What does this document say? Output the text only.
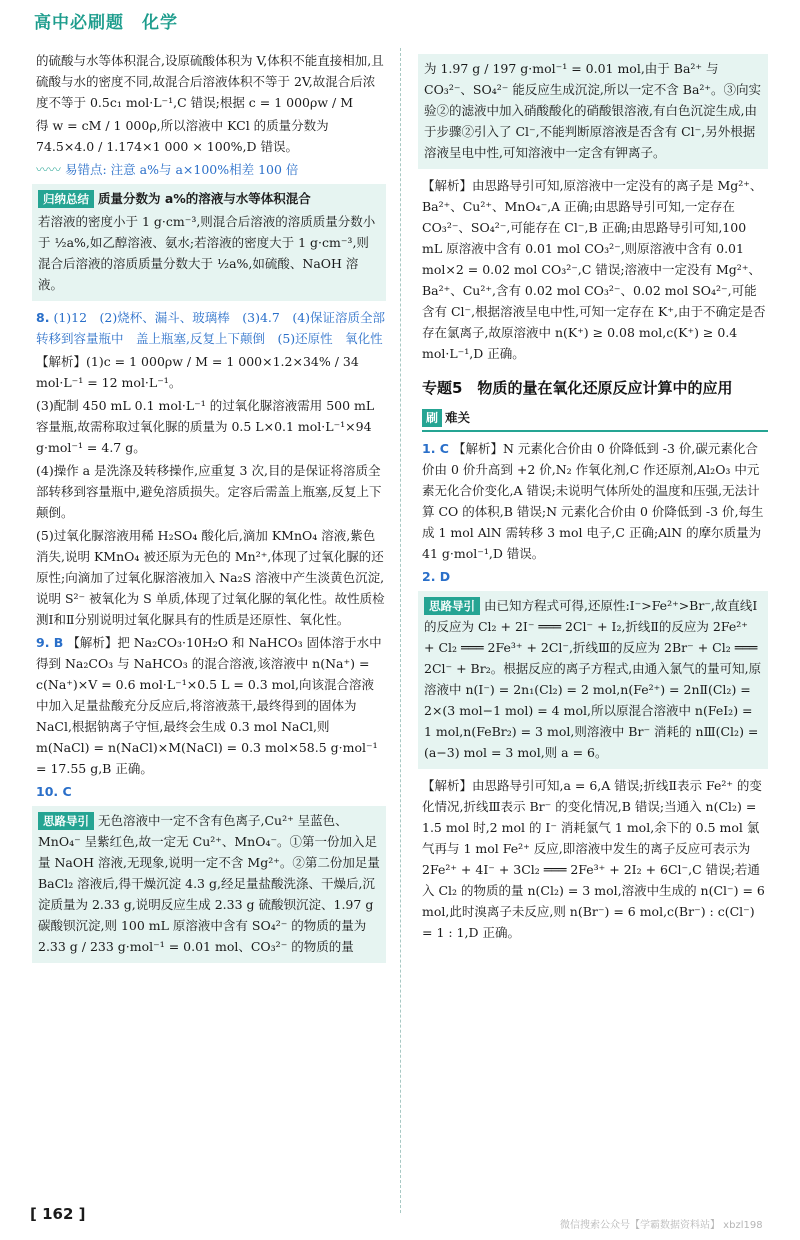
高中必刷题　化学

的硫酸与水等体积混合,设原硫酸体积为 V,体积不能直接相加,且硫酸与水的密度不同,故混合后溶液体积不等于 2V,故混合后浓度不等于 0.5c₁ mol·L⁻¹,C 错误;根据 c = 1 000ρw / M

得 w = cM / 1 000ρ,所以溶液中 KCl 的质量分数为 74.5×4.0 / 1.174×1 000 × 100%,D 错误。

〰〰 易错点: 注意 a%与 a×100%相差 100 倍

归纳总结 质量分数为 a%的溶液与水等体积混合

若溶液的密度小于 1 g·cm⁻³,则混合后溶液的溶质质量分数小于 ½a%,如乙醇溶液、氨水;若溶液的密度大于 1 g·cm⁻³,则混合后溶液的溶质质量分数大于 ½a%,如硫酸、NaOH 溶液。

8. (1)12　(2)烧杯、漏斗、玻璃棒　(3)4.7　(4)保证溶质全部转移到容量瓶中　盖上瓶塞,反复上下颠倒　(5)还原性　氧化性

【解析】(1)c = 1 000ρw / M = 1 000×1.2×34% / 34 mol·L⁻¹ = 12 mol·L⁻¹。

(3)配制 450 mL 0.1 mol·L⁻¹ 的过氧化脲溶液需用 500 mL 容量瓶,故需称取过氧化脲的质量为 0.5 L×0.1 mol·L⁻¹×94 g·mol⁻¹ = 4.7 g。

(4)操作 a 是洗涤及转移操作,应重复 3 次,目的是保证将溶质全部转移到容量瓶中,避免溶质损失。定容后需盖上瓶塞,反复上下颠倒。

(5)过氧化脲溶液用稀 H₂SO₄ 酸化后,滴加 KMnO₄ 溶液,紫色消失,说明 KMnO₄ 被还原为无色的 Mn²⁺,体现了过氧化脲的还原性;向滴加了过氧化脲溶液加入 Na₂S 溶液中产生淡黄色沉淀,说明 S²⁻ 被氧化为 S 单质,体现了过氧化脲的氧化性。故性质检测Ⅰ和Ⅱ分别说明过氧化脲具有的性质是还原性、氧化性。

9. B 【解析】把 Na₂CO₃·10H₂O 和 NaHCO₃ 固体溶于水中得到 Na₂CO₃ 与 NaHCO₃ 的混合溶液,该溶液中 n(Na⁺) = c(Na⁺)×V = 0.6 mol·L⁻¹×0.5 L = 0.3 mol,向该混合溶液中加入足量盐酸充分反应后,将溶液蒸干,最终得到的固体为 NaCl,根据钠离子守恒,最终会生成 0.3 mol NaCl,则 m(NaCl) = n(NaCl)×M(NaCl) = 0.3 mol×58.5 g·mol⁻¹ = 17.55 g,B 正确。

10. C

思路导引 无色溶液中一定不含有色离子,Cu²⁺ 呈蓝色、MnO₄⁻ 呈紫红色,故一定无 Cu²⁺、MnO₄⁻。①第一份加入足量 NaOH 溶液,无现象,说明一定不含 Mg²⁺。②第二份加足量 BaCl₂ 溶液后,得干燥沉淀 4.3 g,经足量盐酸洗涤、干燥后,沉淀质量为 2.33 g,说明反应生成 2.33 g 硫酸钡沉淀、1.97 g 碳酸钡沉淀,则 100 mL 原溶液中含有 SO₄²⁻ 的物质的量为 2.33 g / 233 g·mol⁻¹ = 0.01 mol、CO₃²⁻ 的物质的量

为 1.97 g / 197 g·mol⁻¹ = 0.01 mol,由于 Ba²⁺ 与 CO₃²⁻、SO₄²⁻ 能反应生成沉淀,所以一定不含 Ba²⁺。③向实验②的滤液中加入硝酸酸化的硝酸银溶液,有白色沉淀生成,由于步骤②引入了 Cl⁻,不能判断原溶液是否含有 Cl⁻,另外根据溶液呈电中性,可知溶液中一定含有钾离子。

【解析】由思路导引可知,原溶液中一定没有的离子是 Mg²⁺、Ba²⁺、Cu²⁺、MnO₄⁻,A 正确;由思路导引可知,一定存在 CO₃²⁻、SO₄²⁻,可能存在 Cl⁻,B 正确;由思路导引可知,100 mL 原溶液中含有 0.01 mol CO₃²⁻,则原溶液中含有 0.01 mol×2 = 0.02 mol CO₃²⁻,C 错误;溶液中一定没有 Mg²⁺、Ba²⁺、Cu²⁺,含有 0.02 mol CO₃²⁻、0.02 mol SO₄²⁻,可能含有 Cl⁻,根据溶液呈电中性,可知一定存在 K⁺,由于不确定是否存在氯离子,故原溶液中 n(K⁺) ≥ 0.08 mol,c(K⁺) ≥ 0.4 mol·L⁻¹,D 正确。

专题5　物质的量在氧化还原反应计算中的应用
刷 难关

1. C 【解析】N 元素化合价由 0 价降低到 -3 价,碳元素化合价由 0 价升高到 +2 价,N₂ 作氧化剂,C 作还原剂,Al₂O₃ 中元素无化合价变化,A 错误;未说明气体所处的温度和压强,无法计算 CO 的体积,B 错误;N 元素化合价由 0 价降低到 -3 价,每生成 1 mol AlN 需转移 3 mol 电子,C 正确;AlN 的摩尔质量为 41 g·mol⁻¹,D 错误。

2. D

思路导引 由已知方程式可得,还原性:I⁻>Fe²⁺>Br⁻,故直线Ⅰ的反应为 Cl₂ + 2I⁻ ═══ 2Cl⁻ + I₂,折线Ⅱ的反应为 2Fe²⁺ + Cl₂ ═══ 2Fe³⁺ + 2Cl⁻,折线Ⅲ的反应为 2Br⁻ + Cl₂ ═══ 2Cl⁻ + Br₂。根据反应的离子方程式,由通入氯气的量可知,原溶液中 n(I⁻) = 2n₁(Cl₂) = 2 mol,n(Fe²⁺) = 2nⅡ(Cl₂) = 2×(3 mol−1 mol) = 4 mol,所以原混合溶液中 n(FeI₂) = 1 mol,n(FeBr₂) = 3 mol,则溶液中 Br⁻ 消耗的 nⅢ(Cl₂) = (a−3) mol = 3 mol,则 a = 6。

【解析】由思路导引可知,a = 6,A 错误;折线Ⅱ表示 Fe²⁺ 的变化情况,折线Ⅲ表示 Br⁻ 的变化情况,B 错误;当通入 n(Cl₂) = 1.5 mol 时,2 mol 的 I⁻ 消耗氯气 1 mol,余下的 0.5 mol 氯气再与 1 mol Fe²⁺ 反应,即溶液中发生的离子反应可表示为 2Fe²⁺ + 4I⁻ + 3Cl₂ ═══ 2Fe³⁺ + 2I₂ + 6Cl⁻,C 错误;若通入 Cl₂ 的物质的量 n(Cl₂) = 3 mol,溶液中生成的 n(Cl⁻) = 6 mol,此时溴离子未反应,则 n(Br⁻) = 6 mol,c(Br⁻) : c(Cl⁻) = 1 : 1,D 正确。

[ 162 ]
微信搜索公众号【学霸数据资料站】 xbzl198
